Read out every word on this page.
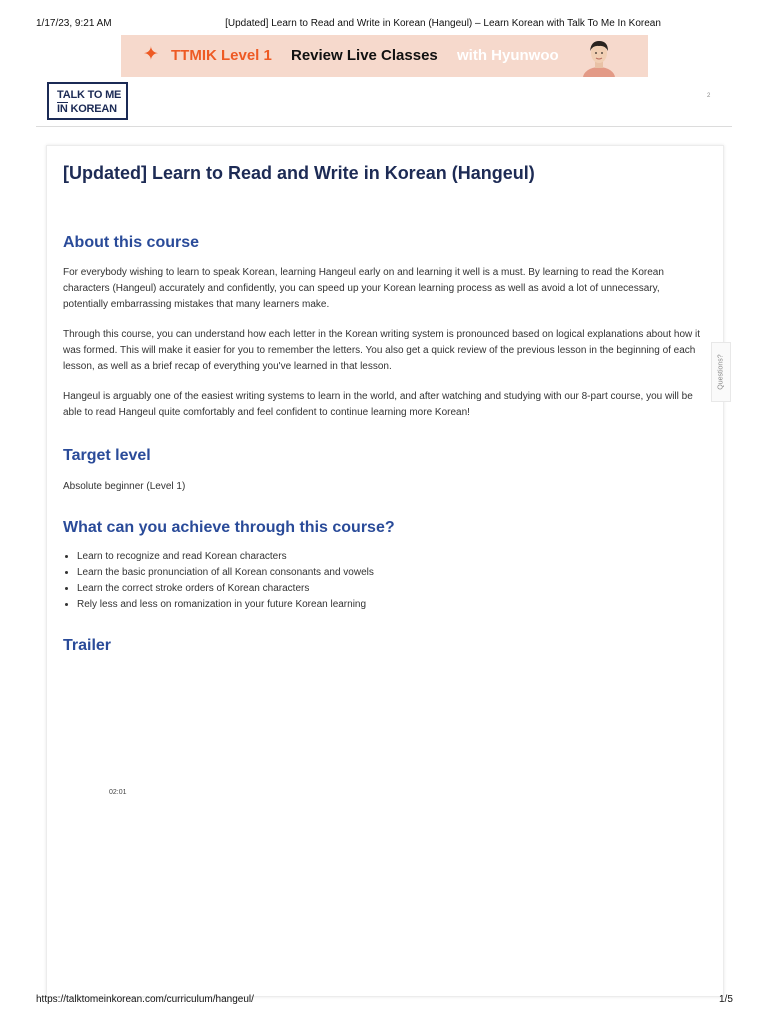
1/17/23, 9:21 AM	[Updated] Learn to Read and Write in Korean (Hangeul) – Learn Korean with Talk To Me In Korean
✦ TTMIK Level 1 Review Live Classes with Hyunwoo
TALK TO ME
IN KOREAN
2
[Updated] Learn to Read and Write in Korean (Hangeul)
About this course

For everybody wishing to learn to speak Korean, learning Hangeul early on and learning it well is a must. By learning to read the Korean characters (Hangeul) accurately and confidently, you can speed up your Korean learning process as well as avoid a lot of unnecessary, potentially embarrassing mistakes that many learners make.

Through this course, you can understand how each letter in the Korean writing system is pronounced based on logical explanations about how it was formed. This will make it easier for you to remember the letters. You also get a quick review of the previous lesson in the beginning of each lesson, as well as a brief recap of everything you've learned in that lesson.

Hangeul is arguably one of the easiest writing systems to learn in the world, and after watching and studying with our 8-part course, you will be able to read Hangeul quite comfortably and feel confident to continue learning more Korean!

Target level
Absolute beginner (Level 1)
What can you achieve through this course?
• Learn to recognize and read Korean characters
• Learn the basic pronunciation of all Korean consonants and vowels
• Learn the correct stroke orders of Korean characters
• Rely less and less on romanization in your future Korean learning
Trailer
02:01
Questions?
https://talktomeinkorean.com/curriculum/hangeul/	1/5
